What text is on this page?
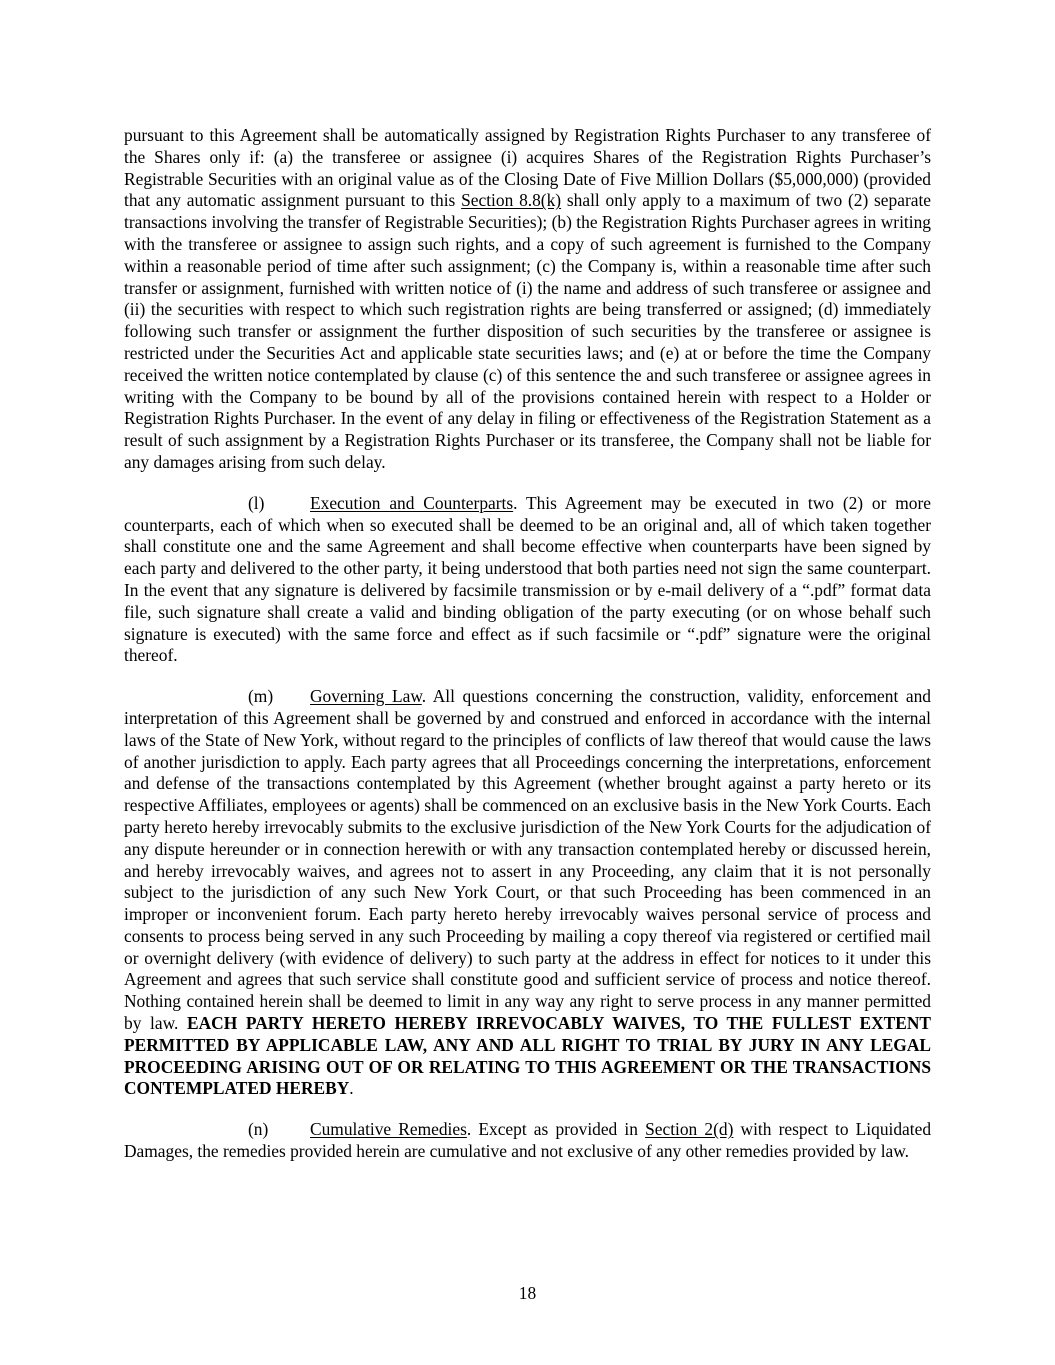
pursuant to this Agreement shall be automatically assigned by Registration Rights Purchaser to any transferee of the Shares only if: (a) the transferee or assignee (i) acquires Shares of the Registration Rights Purchaser’s Registrable Securities with an original value as of the Closing Date of Five Million Dollars ($5,000,000) (provided that any automatic assignment pursuant to this Section 8.8(k) shall only apply to a maximum of two (2) separate transactions involving the transfer of Registrable Securities); (b) the Registration Rights Purchaser agrees in writing with the transferee or assignee to assign such rights, and a copy of such agreement is furnished to the Company within a reasonable period of time after such assignment; (c) the Company is, within a reasonable time after such transfer or assignment, furnished with written notice of (i) the name and address of such transferee or assignee and (ii) the securities with respect to which such registration rights are being transferred or assigned; (d) immediately following such transfer or assignment the further disposition of such securities by the transferee or assignee is restricted under the Securities Act and applicable state securities laws; and (e) at or before the time the Company received the written notice contemplated by clause (c) of this sentence the and such transferee or assignee agrees in writing with the Company to be bound by all of the provisions contained herein with respect to a Holder or Registration Rights Purchaser. In the event of any delay in filing or effectiveness of the Registration Statement as a result of such assignment by a Registration Rights Purchaser or its transferee, the Company shall not be liable for any damages arising from such delay.

(l)	Execution and Counterparts. This Agreement may be executed in two (2) or more counterparts, each of which when so executed shall be deemed to be an original and, all of which taken together shall constitute one and the same Agreement and shall become effective when counterparts have been signed by each party and delivered to the other party, it being understood that both parties need not sign the same counterpart. In the event that any signature is delivered by facsimile transmission or by e-mail delivery of a “.pdf” format data file, such signature shall create a valid and binding obligation of the party executing (or on whose behalf such signature is executed) with the same force and effect as if such facsimile or “.pdf” signature were the original thereof.

(m) Governing Law. All questions concerning the construction, validity, enforcement and interpretation of this Agreement shall be governed by and construed and enforced in accordance with the internal laws of the State of New York, without regard to the principles of conflicts of law thereof that would cause the laws of another jurisdiction to apply. Each party agrees that all Proceedings concerning the interpretations, enforcement and defense of the transactions contemplated by this Agreement (whether brought against a party hereto or its respective Affiliates, employees or agents) shall be commenced on an exclusive basis in the New York Courts. Each party hereto hereby irrevocably submits to the exclusive jurisdiction of the New York Courts for the adjudication of any dispute hereunder or in connection herewith or with any transaction contemplated hereby or discussed herein, and hereby irrevocably waives, and agrees not to assert in any Proceeding, any claim that it is not personally subject to the jurisdiction of any such New York Court, or that such Proceeding has been commenced in an improper or inconvenient forum. Each party hereto hereby irrevocably waives personal service of process and consents to process being served in any such Proceeding by mailing a copy thereof via registered or certified mail or overnight delivery (with evidence of delivery) to such party at the address in effect for notices to it under this Agreement and agrees that such service shall constitute good and sufficient service of process and notice thereof. Nothing contained herein shall be deemed to limit in any way any right to serve process in any manner permitted by law. EACH PARTY HERETO HEREBY IRREVOCABLY WAIVES, TO THE FULLEST EXTENT PERMITTED BY APPLICABLE LAW, ANY AND ALL RIGHT TO TRIAL BY JURY IN ANY LEGAL PROCEEDING ARISING OUT OF OR RELATING TO THIS AGREEMENT OR THE TRANSACTIONS CONTEMPLATED HEREBY.

(n) Cumulative Remedies. Except as provided in Section 2(d) with respect to Liquidated Damages, the remedies provided herein are cumulative and not exclusive of any other remedies provided by law.

18
